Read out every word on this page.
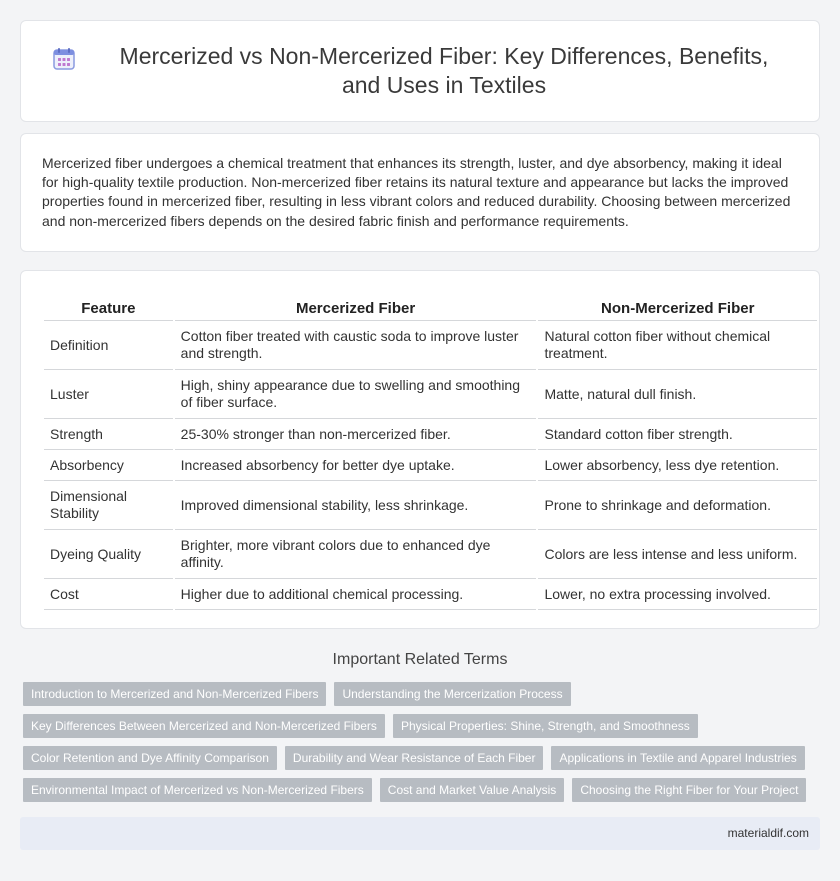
Mercerized vs Non-Mercerized Fiber: Key Differences, Benefits, and Uses in Textiles

Mercerized fiber undergoes a chemical treatment that enhances its strength, luster, and dye absorbency, making it ideal for high-quality textile production. Non-mercerized fiber retains its natural texture and appearance but lacks the improved properties found in mercerized fiber, resulting in less vibrant colors and reduced durability. Choosing between mercerized and non-mercerized fibers depends on the desired fabric finish and performance requirements.

Feature	Mercerized Fiber	Non-Mercerized Fiber
Definition	Cotton fiber treated with caustic soda to improve luster and strength.	Natural cotton fiber without chemical treatment.
Luster	High, shiny appearance due to swelling and smoothing of fiber surface.	Matte, natural dull finish.
Strength	25-30% stronger than non-mercerized fiber.	Standard cotton fiber strength.
Absorbency	Increased absorbency for better dye uptake.	Lower absorbency, less dye retention.
Dimensional Stability	Improved dimensional stability, less shrinkage.	Prone to shrinkage and deformation.
Dyeing Quality	Brighter, more vibrant colors due to enhanced dye affinity.	Colors are less intense and less uniform.
Cost	Higher due to additional chemical processing.	Lower, no extra processing involved.
Important Related Terms
Introduction to Mercerized and Non-Mercerized Fibers	Understanding the Mercerization Process
Key Differences Between Mercerized and Non-Mercerized Fibers	Physical Properties: Shine, Strength, and Smoothness
Color Retention and Dye Affinity Comparison	Durability and Wear Resistance of Each Fiber	Applications in Textile and Apparel Industries
Environmental Impact of Mercerized vs Non-Mercerized Fibers	Cost and Market Value Analysis	Choosing the Right Fiber for Your Project
materialdif.com
